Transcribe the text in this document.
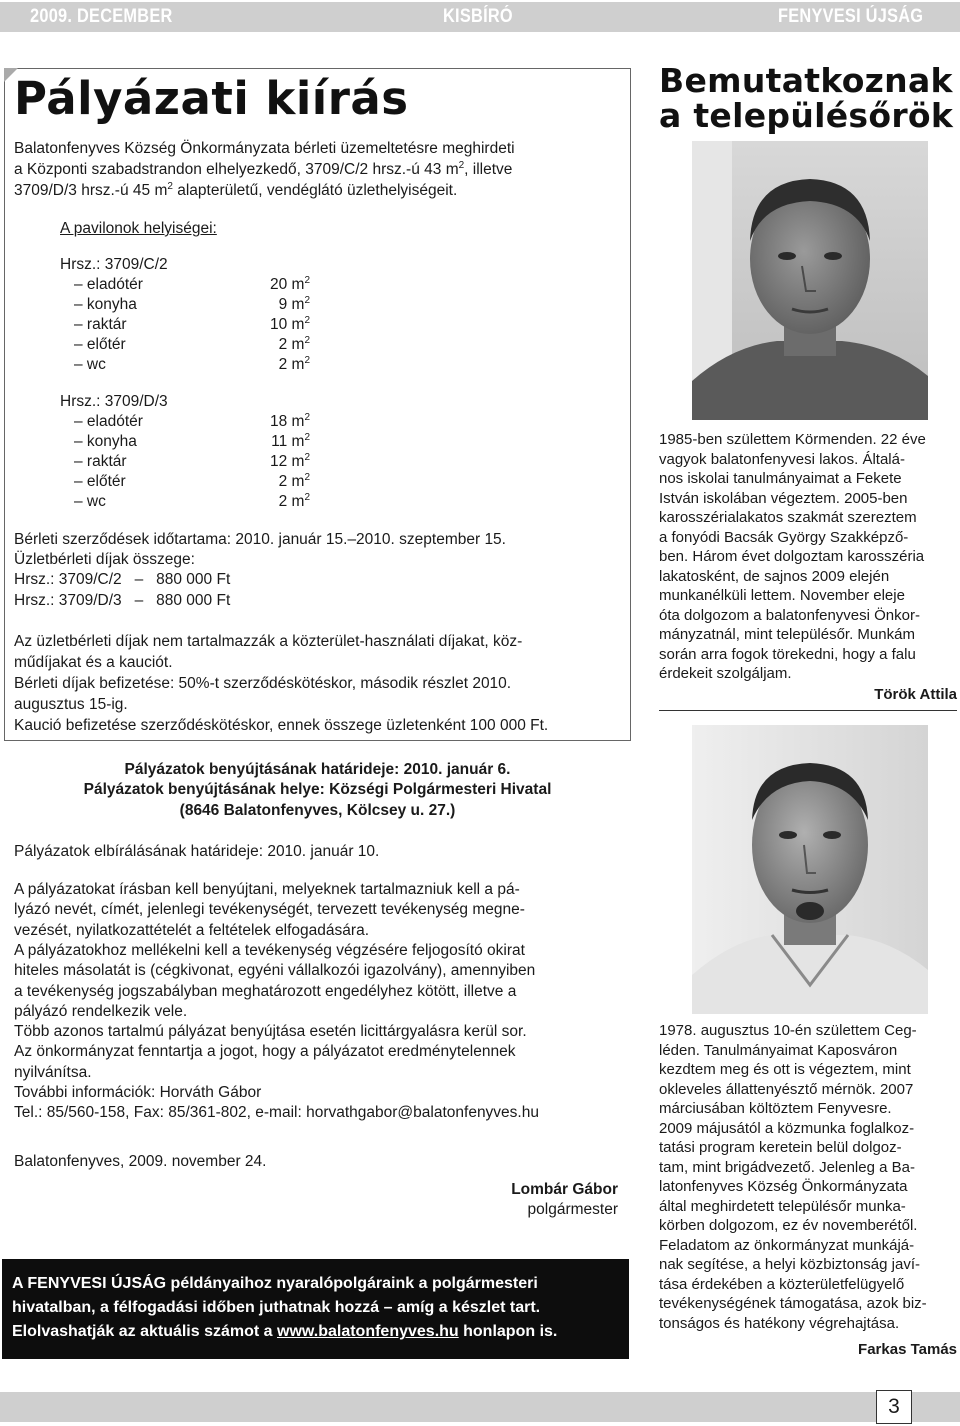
2009. DECEMBER	KISBÍRÓ	FENYVESI ÚJSÁG
Pályázati kiírás
Balatonfenyves Község Önkormányzata bérleti üzemeltetésre meghirdeti
a Központi szabadstrandon elhelyezkedő, 3709/C/2 hrsz.-ú 43 $m^2$, illetve
3709/D/3 hrsz.-ú 45 $m^2$ alapterületű, vendéglátó üzlethelyiségeit.
A pavilonok helyiségei:
Hrsz.: 3709/C/2
– eladótér	20 $m^2$
– konyha	9 $m^2$
– raktár	10 $m^2$
– előtér	2 $m^2$
– wc	2 $m^2$
Hrsz.: 3709/D/3
– eladótér	18 $m^2$
– konyha	11 $m^2$
– raktár	12 $m^2$
– előtér	2 $m^2$
– wc	2 $m^2$
Bérleti szerződések időtartama: 2010. január 15.–2010. szeptember 15.
Üzletbérleti díjak összege:
Hrsz.: 3709/C/2   –   880 000 Ft
Hrsz.: 3709/D/3   –   880 000 Ft
Az üzletbérleti díjak nem tartalmazzák a közterület-használati díjakat, köz-
műdíjakat és a kauciót.
Bérleti díjak befizetése: 50%-t szerződéskötéskor, második részlet 2010.
augusztus 15-ig.
Kaució befizetése szerződéskötéskor, ennek összege üzletenként 100 000 Ft.
Pályázatok benyújtásának határideje: 2010. január 6.
Pályázatok benyújtásának helye: Községi Polgármesteri Hivatal
(8646 Balatonfenyves, Kölcsey u. 27.)
Pályázatok elbírálásának határideje: 2010. január 10.
A pályázatokat írásban kell benyújtani, melyeknek tartalmazniuk kell a pá-
lyázó nevét, címét, jelenlegi tevékenységét, tervezett tevékenység megne-
vezését, nyilatkozattételét a feltételek elfogadására.
A pályázatokhoz mellékelni kell a tevékenység végzésére feljogosító okirat
hiteles másolatát is (cégkivonat, egyéni vállalkozói igazolvány), amennyiben
a tevékenység jogszabályban meghatározott engedélyhez kötött, illetve a
pályázó rendelkezik vele.
Több azonos tartalmú pályázat benyújtása esetén licittárgyalásra kerül sor.
Az önkormányzat fenntartja a jogot, hogy a pályázatot eredménytelennek
nyilvánítsa.
További információk: Horváth Gábor
Tel.: 85/560-158, Fax: 85/361-802, e-mail: horvathgabor@balatonfenyves.hu
Balatonfenyves, 2009. november 24.
Lombár Gábor
polgármester
A FENYVESI ÚJSÁG példányaihoz nyaralópolgáraink a polgármesteri
hivatalban, a félfogadási időben juthatnak hozzá – amíg a készlet tart.
Elolvashatják az aktuális számot a www.balatonfenyves.hu honlapon is.
Bemutatkoznak
a településőrök
1985-ben születtem Körmenden. 22 éve
vagyok balatonfenyvesi lakos. Általá-
nos iskolai tanulmányaimat a Fekete
István iskolában végeztem. 2005-ben
karosszérialakatos szakmát szereztem
a fonyódi Bacsák György Szakképző-
ben. Három évet dolgoztam karosszéria
lakatosként, de sajnos 2009 elején
munkanélküli lettem. November eleje
óta dolgozom a balatonfenyvesi Önkor-
mányzatnál, mint településőr. Munkám
során arra fogok törekedni, hogy a falu
érdekeit szolgáljam.
Török Attila
1978. augusztus 10-én születtem Ceg-
léden. Tanulmányaimat Kaposváron
kezdtem meg és ott is végeztem, mint
okleveles állattenyésztő mérnök. 2007
márciusában költöztem Fenyvesre.
2009 májusától a közmunka foglalkoz-
tatási program keretein belül dolgoz-
tam, mint brigádvezető. Jelenleg a Ba-
latonfenyves Község Önkormányzata
által meghirdetett településőr munka-
körben dolgozom, ez év novemberétől.
Feladatom az önkormányzat munkájá-
nak segítése, a helyi közbiztonság javí-
tása érdekében a közterületfelügyelő
tevékenységének támogatása, azok biz-
tonságos és hatékony végrehajtása.
Farkas Tamás
3
